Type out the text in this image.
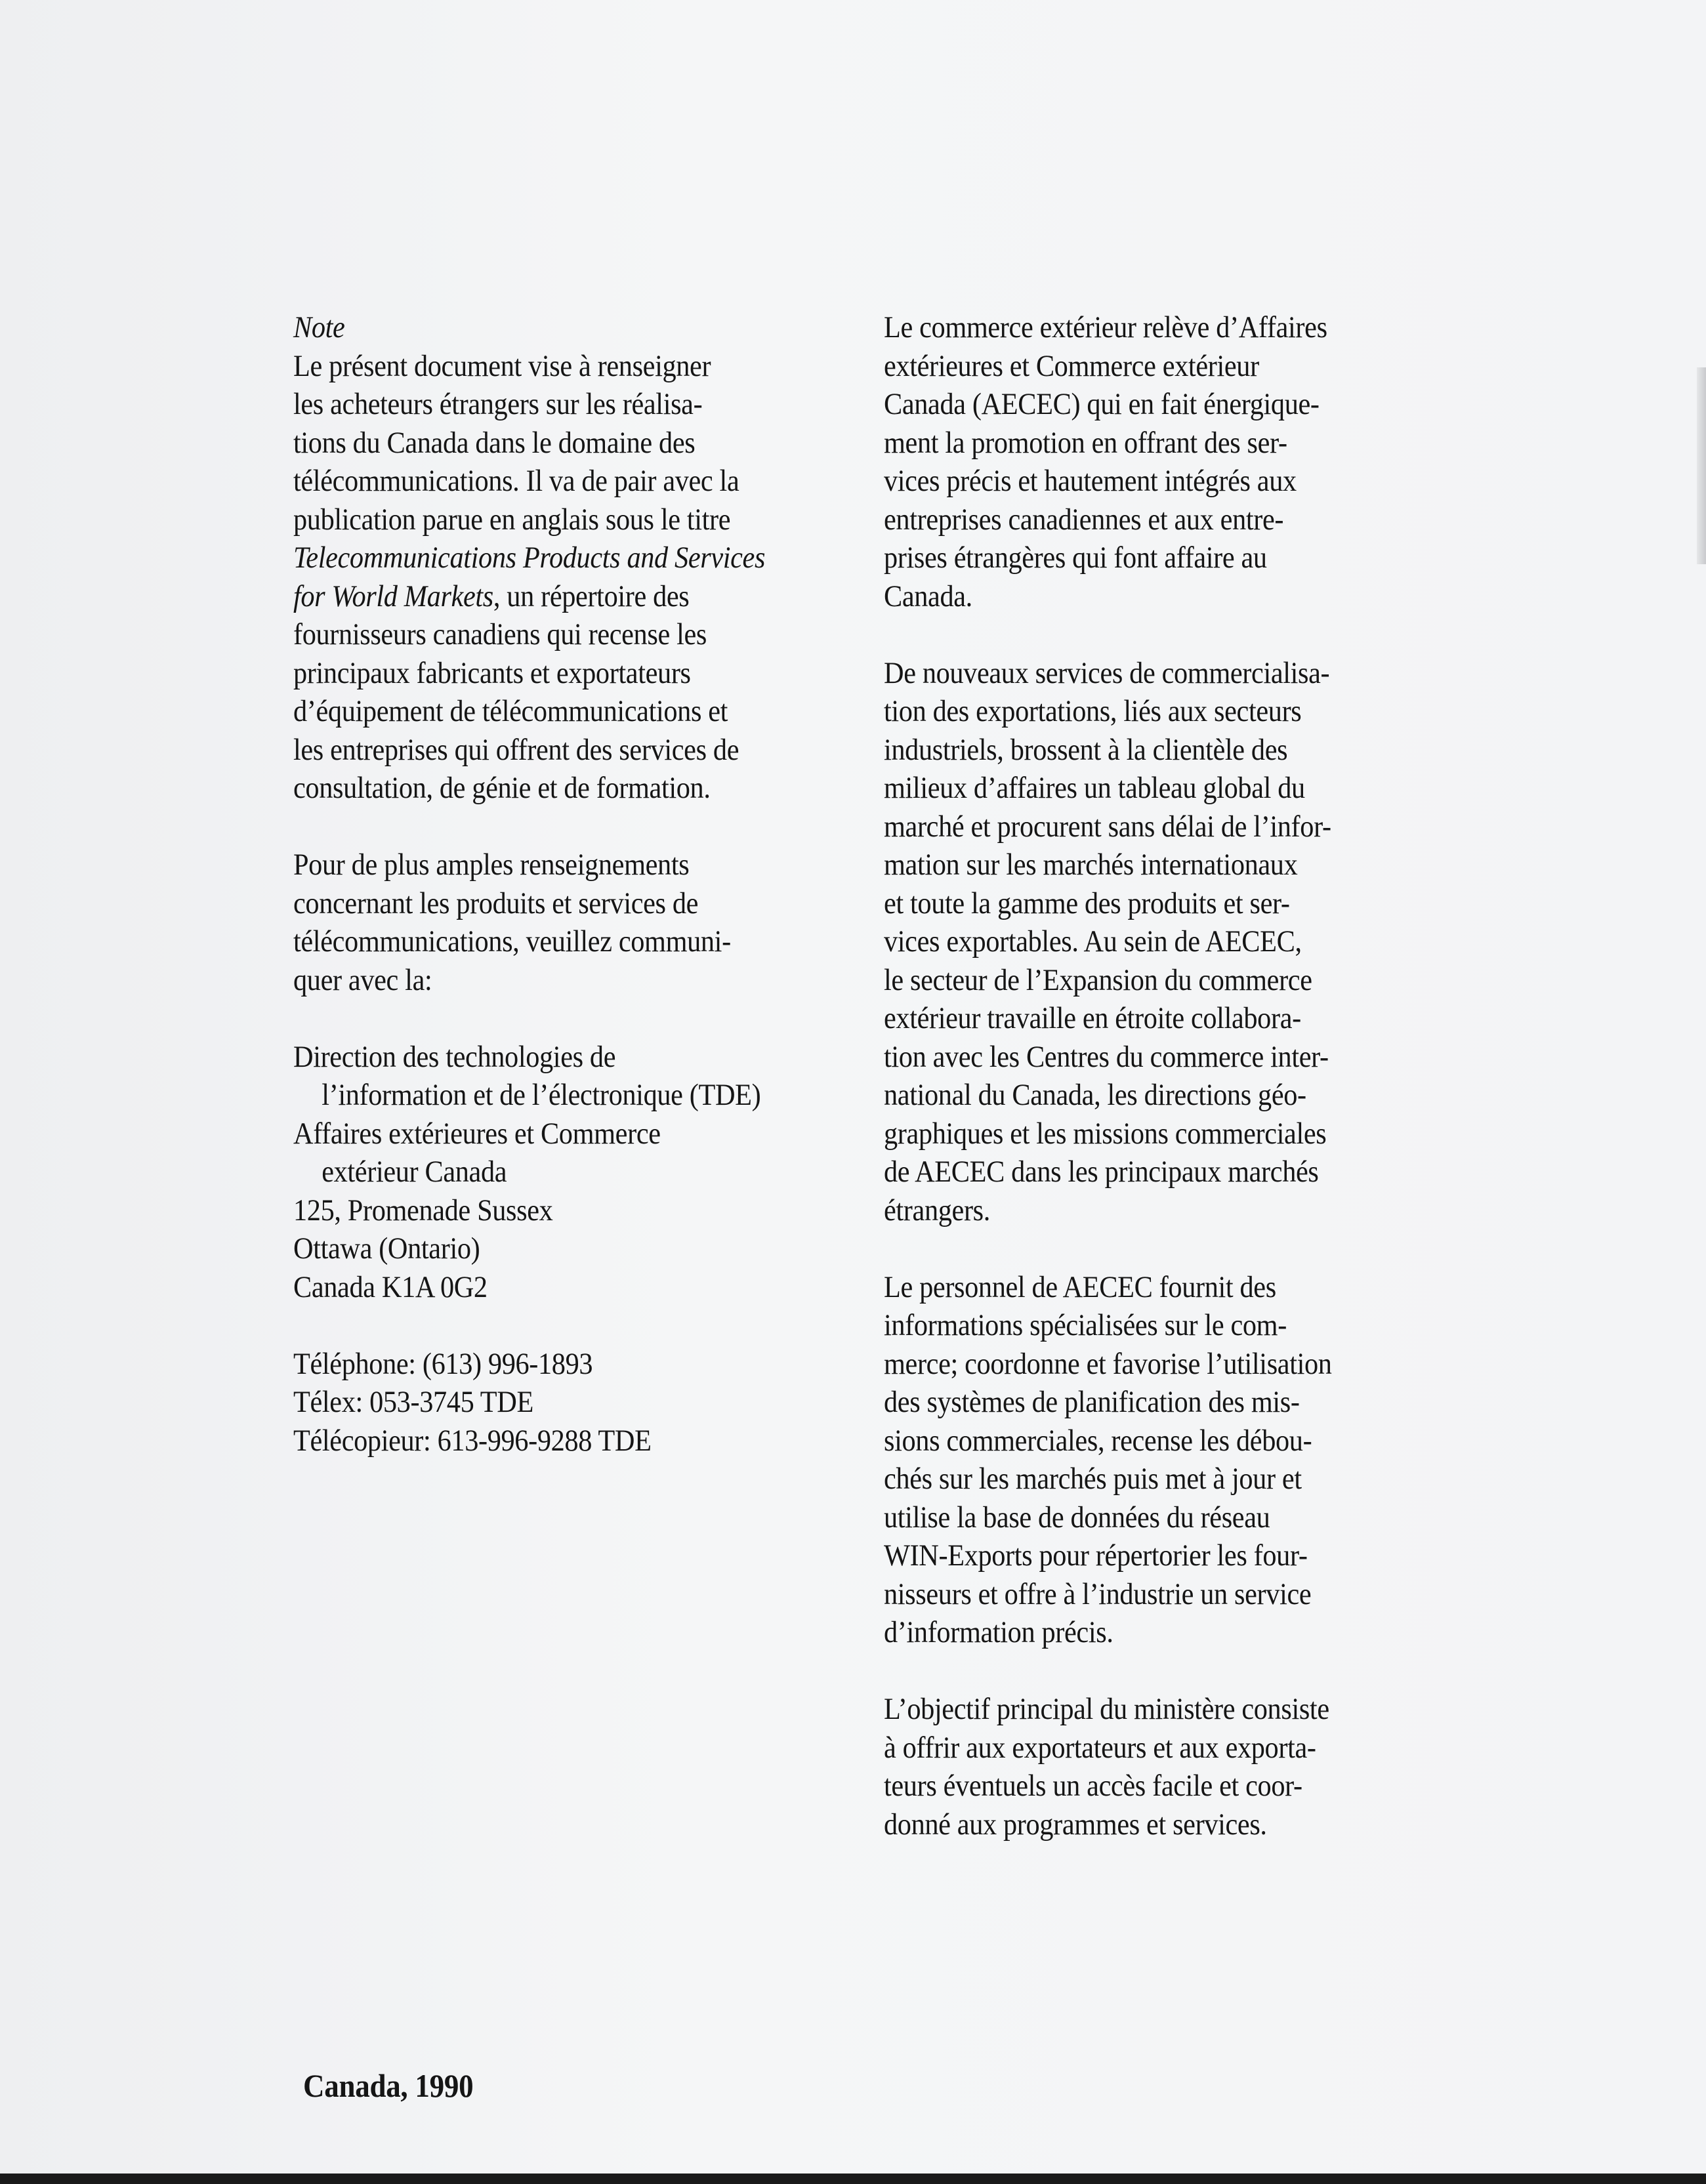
Note
Le présent document vise à renseigner
les acheteurs étrangers sur les réalisa-
tions du Canada dans le domaine des
télécommunications. Il va de pair avec la
publication parue en anglais sous le titre
Telecommunications Products and Services
for World Markets, un répertoire des
fournisseurs canadiens qui recense les
principaux fabricants et exportateurs
d’équipement de télécommunications et
les entreprises qui offrent des services de
consultation, de génie et de formation.
Pour de plus amples renseignements
concernant les produits et services de
télécommunications, veuillez communi-
quer avec la:
Direction des technologies de
l’information et de l’électronique (TDE)
Affaires extérieures et Commerce
extérieur Canada
125, Promenade Sussex
Ottawa (Ontario)
Canada K1A 0G2
Téléphone: (613) 996-1893
Télex: 053-3745 TDE
Télécopieur: 613-996-9288 TDE
Le commerce extérieur relève d’Affaires
extérieures et Commerce extérieur
Canada (AECEC) qui en fait énergique-
ment la promotion en offrant des ser-
vices précis et hautement intégrés aux
entreprises canadiennes et aux entre-
prises étrangères qui font affaire au
Canada.
De nouveaux services de commercialisa-
tion des exportations, liés aux secteurs
industriels, brossent à la clientèle des
milieux d’affaires un tableau global du
marché et procurent sans délai de l’infor-
mation sur les marchés internationaux
et toute la gamme des produits et ser-
vices exportables. Au sein de AECEC,
le secteur de l’Expansion du commerce
extérieur travaille en étroite collabora-
tion avec les Centres du commerce inter-
national du Canada, les directions géo-
graphiques et les missions commerciales
de AECEC dans les principaux marchés
étrangers.
Le personnel de AECEC fournit des
informations spécialisées sur le com-
merce; coordonne et favorise l’utilisation
des systèmes de planification des mis-
sions commerciales, recense les débou-
chés sur les marchés puis met à jour et
utilise la base de données du réseau
WIN-Exports pour répertorier les four-
nisseurs et offre à l’industrie un service
d’information précis.
L’objectif principal du ministère consiste
à offrir aux exportateurs et aux exporta-
teurs éventuels un accès facile et coor-
donné aux programmes et services.
Canada, 1990
